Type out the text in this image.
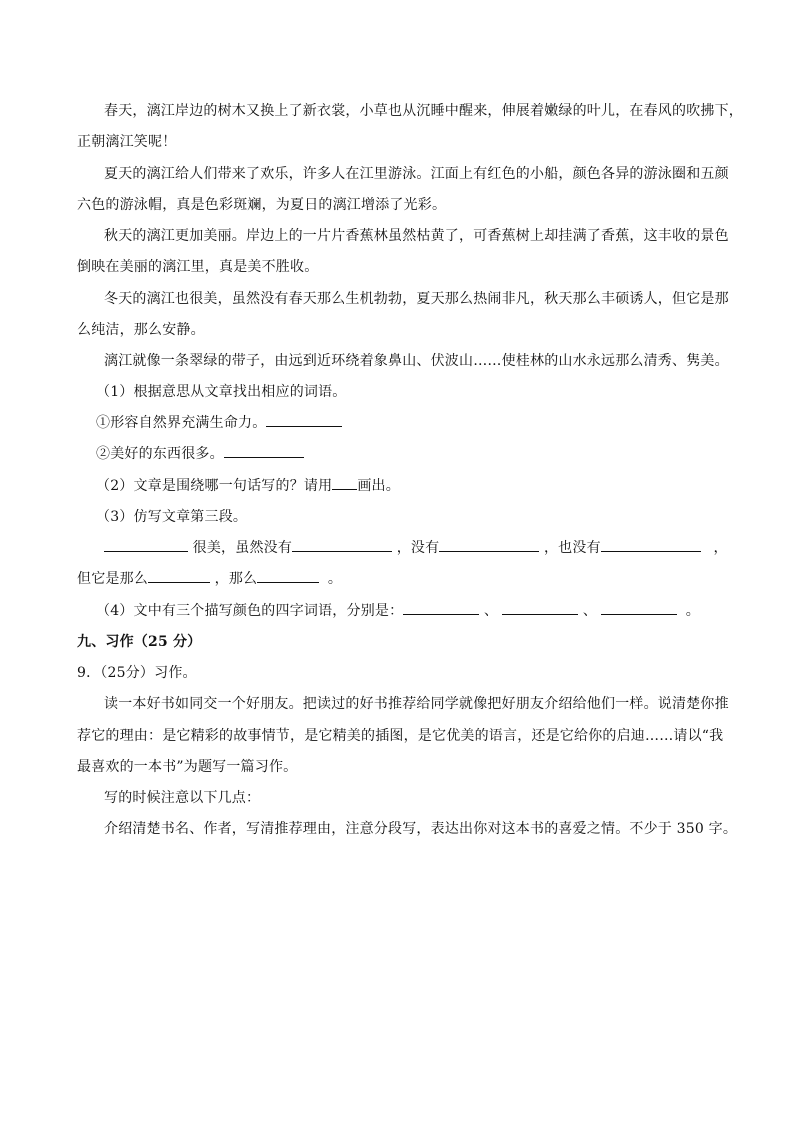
春天，漓江岸边的树木又换上了新衣裳，小草也从沉睡中醒来，伸展着嫩绿的叶儿，在春风的吹拂下，
正朝漓江笑呢！
夏天的漓江给人们带来了欢乐，许多人在江里游泳。江面上有红色的小船，颜色各异的游泳圈和五颜
六色的游泳帽，真是色彩斑斓，为夏日的漓江增添了光彩。
秋天的漓江更加美丽。岸边上的一片片香蕉林虽然枯黄了，可香蕉树上却挂满了香蕉，这丰收的景色
倒映在美丽的漓江里，真是美不胜收。
冬天的漓江也很美，虽然没有春天那么生机勃勃，夏天那么热闹非凡，秋天那么丰硕诱人，但它是那
么纯洁，那么安静。
漓江就像一条翠绿的带子，由远到近环绕着象鼻山、伏波山……使桂林的山水永远那么清秀、隽美。
（1）根据意思从文章找出相应的词语。
①形容自然界充满生命力。
②美好的东西很多。
（2）文章是围绕哪一句话写的？请用 画出。
（3）仿写文章第三段。
很美，虽然没有	，没有	，也没有	，
但它是那么	，那么	。
（4）文中有三个描写颜色的四字词语，分别是：	、	、	。
九、习作（25 分）
9．（25分）习作。
读一本好书如同交一个好朋友。把读过的好书推荐给同学就像把好朋友介绍给他们一样。说清楚你推
荐它的理由：是它精彩的故事情节，是它精美的插图，是它优美的语言，还是它给你的启迪……请以“我
最喜欢的一本书”为题写一篇习作。
写的时候注意以下几点：
介绍清楚书名、作者，写清推荐理由，注意分段写，表达出你对这本书的喜爱之情。不少于 350 字。
